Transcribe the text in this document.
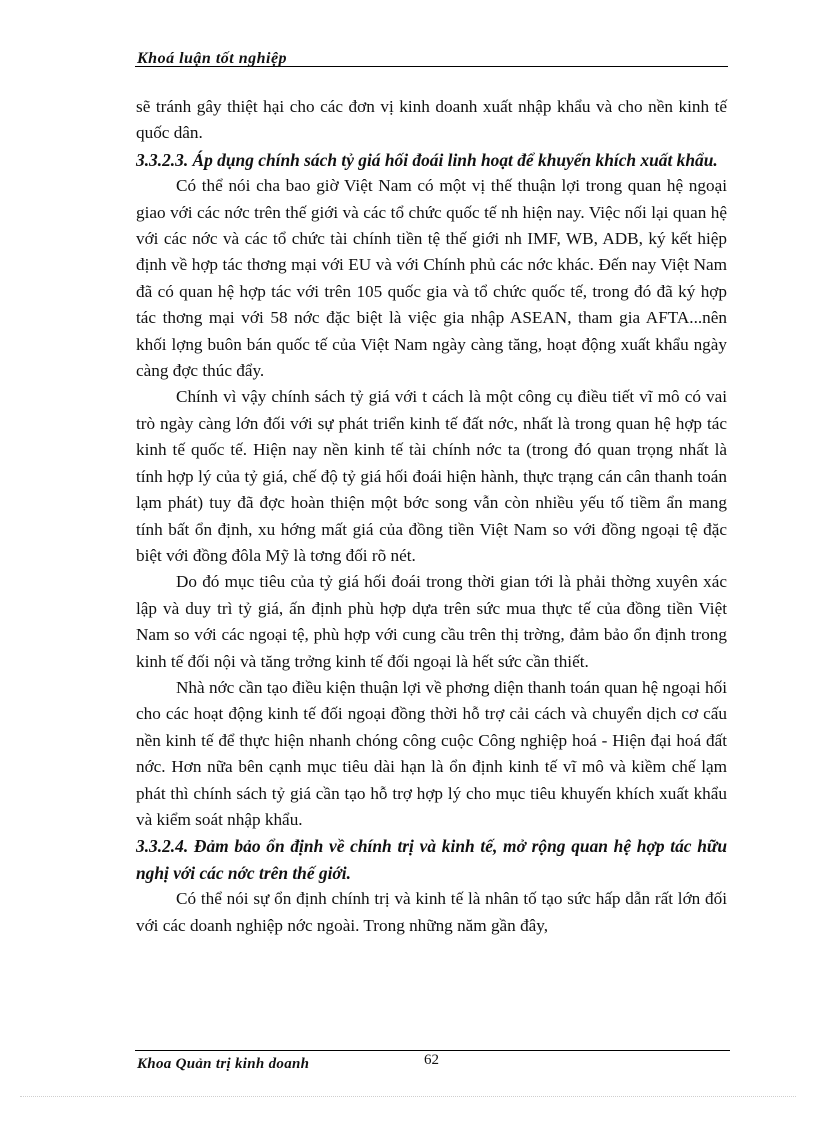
Khoá luận tốt nghiệp

sẽ tránh gây thiệt hại cho các đơn vị kinh doanh xuất nhập khẩu và cho nền kinh tế quốc dân.

3.3.2.3. Áp dụng chính sách tỷ giá hối đoái linh hoạt để khuyến khích xuất khẩu.

Có thể nói cha bao giờ Việt Nam có một vị thế thuận lợi trong quan hệ ngoại giao với các nớc trên thế giới và các tổ chức quốc tế nh hiện nay. Việc nối lại quan hệ với các nớc và các tổ chức tài chính tiền tệ thế giới nh IMF, WB, ADB, ký kết hiệp định về hợp tác thơng mại với EU và với Chính phủ các nớc khác. Đến nay Việt Nam đã có quan hệ hợp tác với trên 105 quốc gia và tổ chức quốc tế, trong đó đã ký hợp tác thơng mại với 58 nớc đặc biệt là việc gia nhập ASEAN, tham gia AFTA...nên khối lợng buôn bán quốc tế của Việt Nam ngày càng tăng, hoạt động xuất khẩu ngày càng đợc thúc đẩy.

Chính vì vậy chính sách tỷ giá với t cách là một công cụ điều tiết vĩ mô có vai trò ngày càng lớn đối với sự phát triển kinh tế đất nớc, nhất là trong quan hệ hợp tác kinh tế quốc tế. Hiện nay nền kinh tế tài chính nớc ta (trong đó quan trọng nhất là tính hợp lý của tỷ giá, chế độ tỷ giá hối đoái hiện hành, thực trạng cán cân thanh toán lạm phát) tuy đã đợc hoàn thiện một bớc song vẫn còn nhiều yếu tố tiềm ẩn mang tính bất ổn định, xu hớng mất giá của đồng tiền Việt Nam so với đồng ngoại tệ đặc biệt với đồng đôla Mỹ là tơng đối rõ nét.

Do đó mục tiêu của tỷ giá hối đoái trong thời gian tới là phải thờng xuyên xác lập và duy trì tỷ giá, ấn định phù hợp dựa trên sức mua thực tế của đồng tiền Việt Nam so với các ngoại tệ, phù hợp với cung cầu trên thị trờng, đảm bảo ổn định trong kinh tế đối nội và tăng trởng kinh tế đối ngoại là hết sức cần thiết.

Nhà nớc cần tạo điều kiện thuận lợi về phơng diện thanh toán quan hệ ngoại hối cho các hoạt động kinh tế đối ngoại đồng thời hỗ trợ cải cách và chuyển dịch cơ cấu nền kinh tế để thực hiện nhanh chóng công cuộc Công nghiệp hoá - Hiện đại hoá đất nớc. Hơn nữa bên cạnh mục tiêu dài hạn là ổn định kinh tế vĩ mô và kiềm chế lạm phát thì chính sách tỷ giá cần tạo hỗ trợ hợp lý cho mục tiêu khuyến khích xuất khẩu và kiểm soát nhập khẩu.

3.3.2.4. Đảm bảo ổn định về chính trị và kinh tế, mở rộng quan hệ hợp tác hữu nghị với các nớc trên thế giới.

Có thể nói sự ổn định chính trị và kinh tế là nhân tố tạo sức hấp dẫn rất lớn đối với các doanh nghiệp nớc ngoài. Trong những năm gần đây,

Khoa Quản trị kinh doanh	62
